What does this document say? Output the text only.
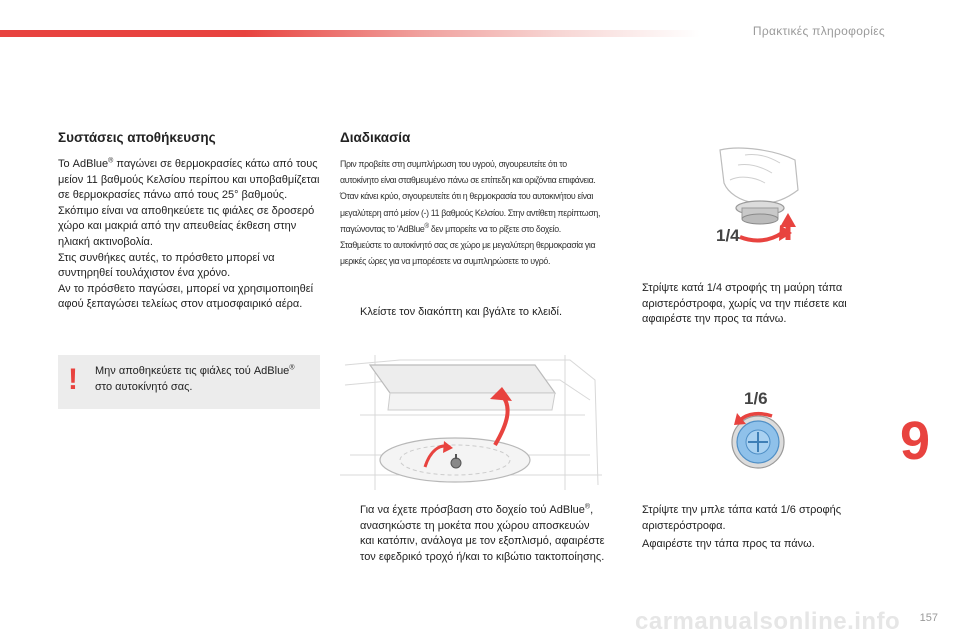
Πρακτικές πληροφορίες
Συστάσεις αποθήκευσης

Το AdBlue® παγώνει σε θερμοκρασίες κάτω από τους μείον 11 βαθμούς Κελσίου περίπου και υποβαθμίζεται σε θερμοκρασίες πάνω από τους 25° βαθμούς. Σκόπιμο είναι να αποθηκεύετε τις φιάλες σε δροσερό χώρο και μακριά από την απευθείας έκθεση στην ηλιακή ακτινοβολία.

Στις συνθήκες αυτές, το πρόσθετο μπορεί να συντηρηθεί τουλάχιστον ένα χρόνο.

Αν το πρόσθετο παγώσει, μπορεί να χρησιμοποιηθεί αφού ξεπαγώσει τελείως στον ατμοσφαιρικό αέρα.

! Μην αποθηκεύετε τις φιάλες τού AdBlue® στο αυτοκίνητό σας.
Διαδικασία

Πριν προβείτε στη συμπλήρωση του υγρού, σιγουρευτείτε ότι το αυτοκίνητο είναι σταθμευμένο πάνω σε επίπεδη και οριζόντια επιφάνεια.

Όταν κάνει κρύο, σιγουρευτείτε ότι η θερμοκρασία του αυτοκινήτου είναι μεγαλύτερη από μείον (-) 11 βαθμούς Κελσίου. Στην αντίθετη περίπτωση, παγώνοντας το 'AdBlue® δεν μπορείτε να το ρίξετε στο δοχείο. Σταθμεύστε το αυτοκίνητό σας σε χώρο με μεγαλύτερη θερμοκρασία για μερικές ώρες για να μπορέσετε να συμπληρώσετε το υγρό.

Κλείστε τον διακόπτη και βγάλτε το κλειδί.
Για να έχετε πρόσβαση στο δοχείο τού AdBlue®, ανασηκώστε τη μοκέτα που χώρου αποσκευών και κατόπιν, ανάλογα με τον εξοπλισμό, αφαιρέστε τον εφεδρικό τροχό ή/και το κιβώτιο τακτοποίησης.
1/4
Στρίψτε κατά 1/4 στροφής τη μαύρη τάπα αριστερόστροφα, χωρίς να την πιέσετε και αφαιρέστε την προς τα πάνω.
1/6
Στρίψτε την μπλε τάπα κατά 1/6 στροφής αριστερόστροφα.
Αφαιρέστε την τάπα προς τα πάνω.
9
carmanualsonline.info 157
